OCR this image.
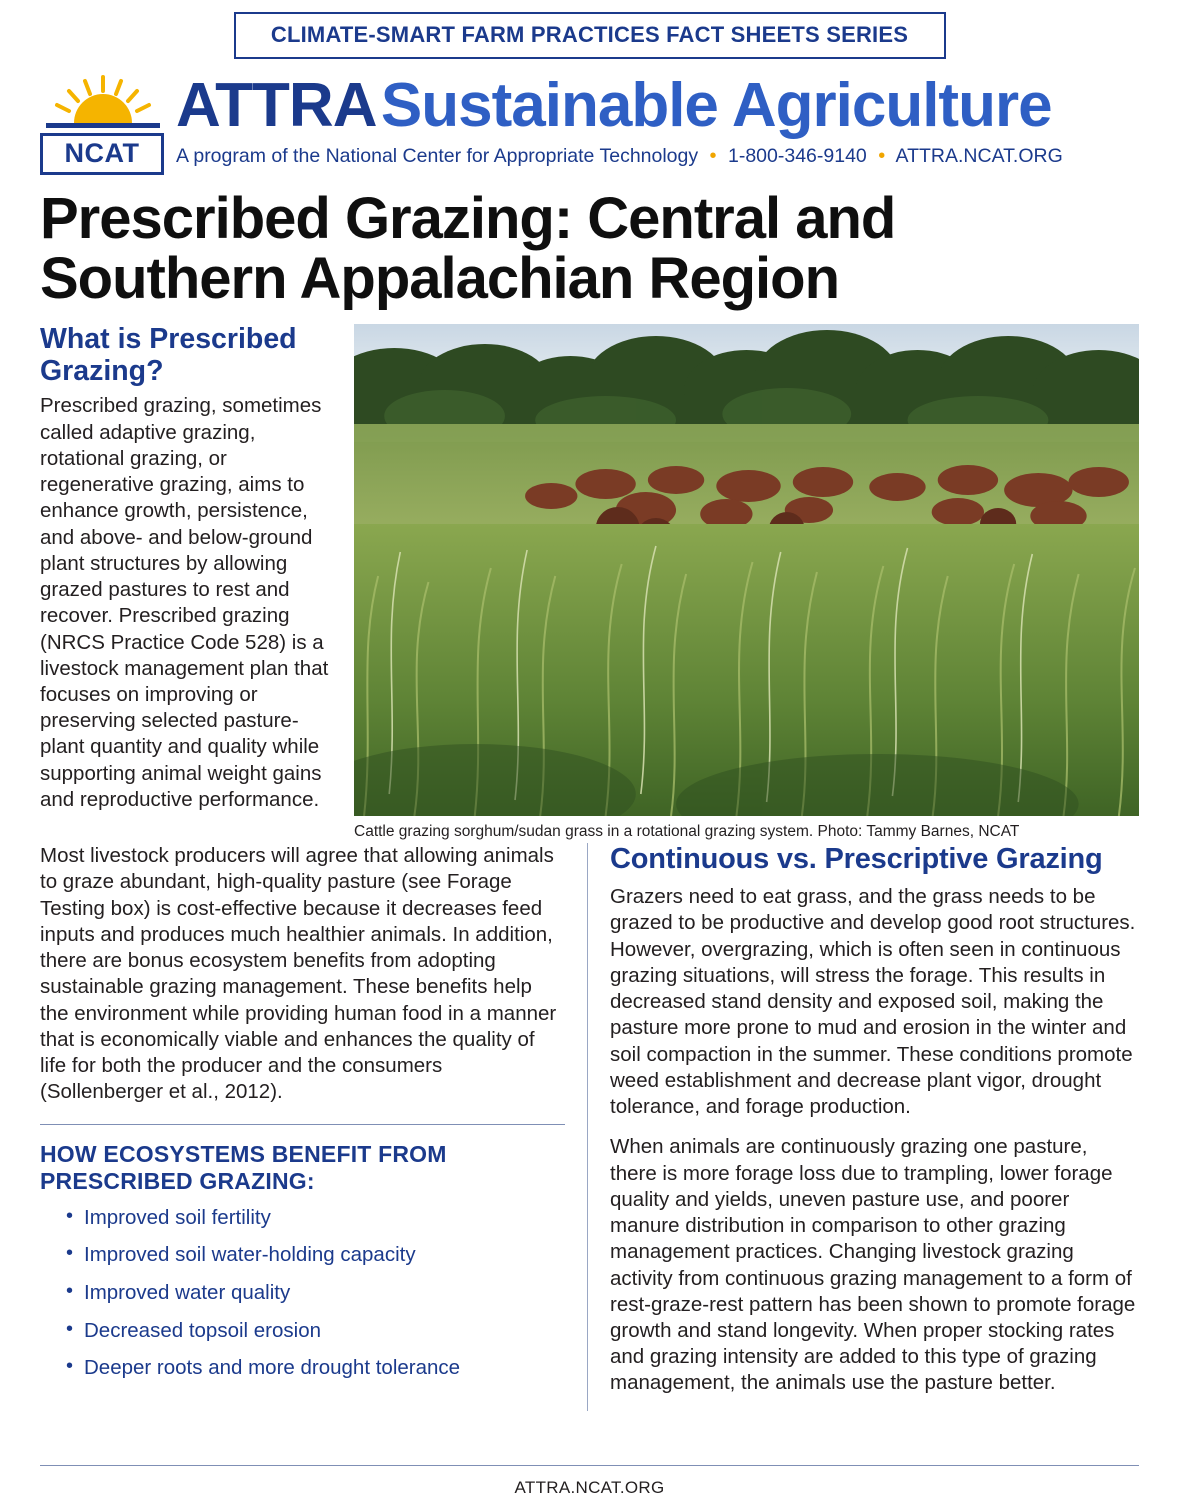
CLIMATE-SMART FARM PRACTICES FACT SHEETS SERIES
NCAT
ATTRA Sustainable Agriculture
A program of the National Center for Appropriate Technology • 1-800-346-9140 • ATTRA.NCAT.ORG
Prescribed Grazing: Central and Southern Appalachian Region
What is Prescribed Grazing?

Prescribed grazing, sometimes called adaptive grazing, rotational grazing, or regenerative grazing, aims to enhance growth, persistence, and above- and below-ground plant structures by allowing grazed pastures to rest and recover. Prescribed grazing (NRCS Practice Code 528) is a livestock management plan that focuses on improving or preserving selected pasture-plant quantity and quality while supporting animal weight gains and reproductive performance.

Cattle grazing sorghum/sudan grass in a rotational grazing system. Photo: Tammy Barnes, NCAT

Most livestock producers will agree that allowing animals to graze abundant, high-quality pasture (see Forage Testing box) is cost-effective because it decreases feed inputs and produces much healthier animals. In addition, there are bonus ecosystem benefits from adopting sustainable grazing management. These benefits help the environment while providing human food in a manner that is economically viable and enhances the quality of life for both the producer and the consumers (Sollenberger et al., 2012).

HOW ECOSYSTEMS BENEFIT FROM PRESCRIBED GRAZING:
• Improved soil fertility
• Improved soil water-holding capacity
• Improved water quality
• Decreased topsoil erosion
• Deeper roots and more drought tolerance
Continuous vs. Prescriptive Grazing

Grazers need to eat grass, and the grass needs to be grazed to be productive and develop good root structures. However, overgrazing, which is often seen in continuous grazing situations, will stress the forage. This results in decreased stand density and exposed soil, making the pasture more prone to mud and erosion in the winter and soil compaction in the summer. These conditions promote weed establishment and decrease plant vigor, drought tolerance, and forage production.

When animals are continuously grazing one pasture, there is more forage loss due to trampling, lower forage quality and yields, uneven pasture use, and poorer manure distribution in comparison to other grazing management practices. Changing livestock grazing activity from continuous grazing management to a form of rest-graze-rest pattern has been shown to promote forage growth and stand longevity. When proper stocking rates and grazing intensity are added to this type of grazing management, the animals use the pasture better.

ATTRA.NCAT.ORG
